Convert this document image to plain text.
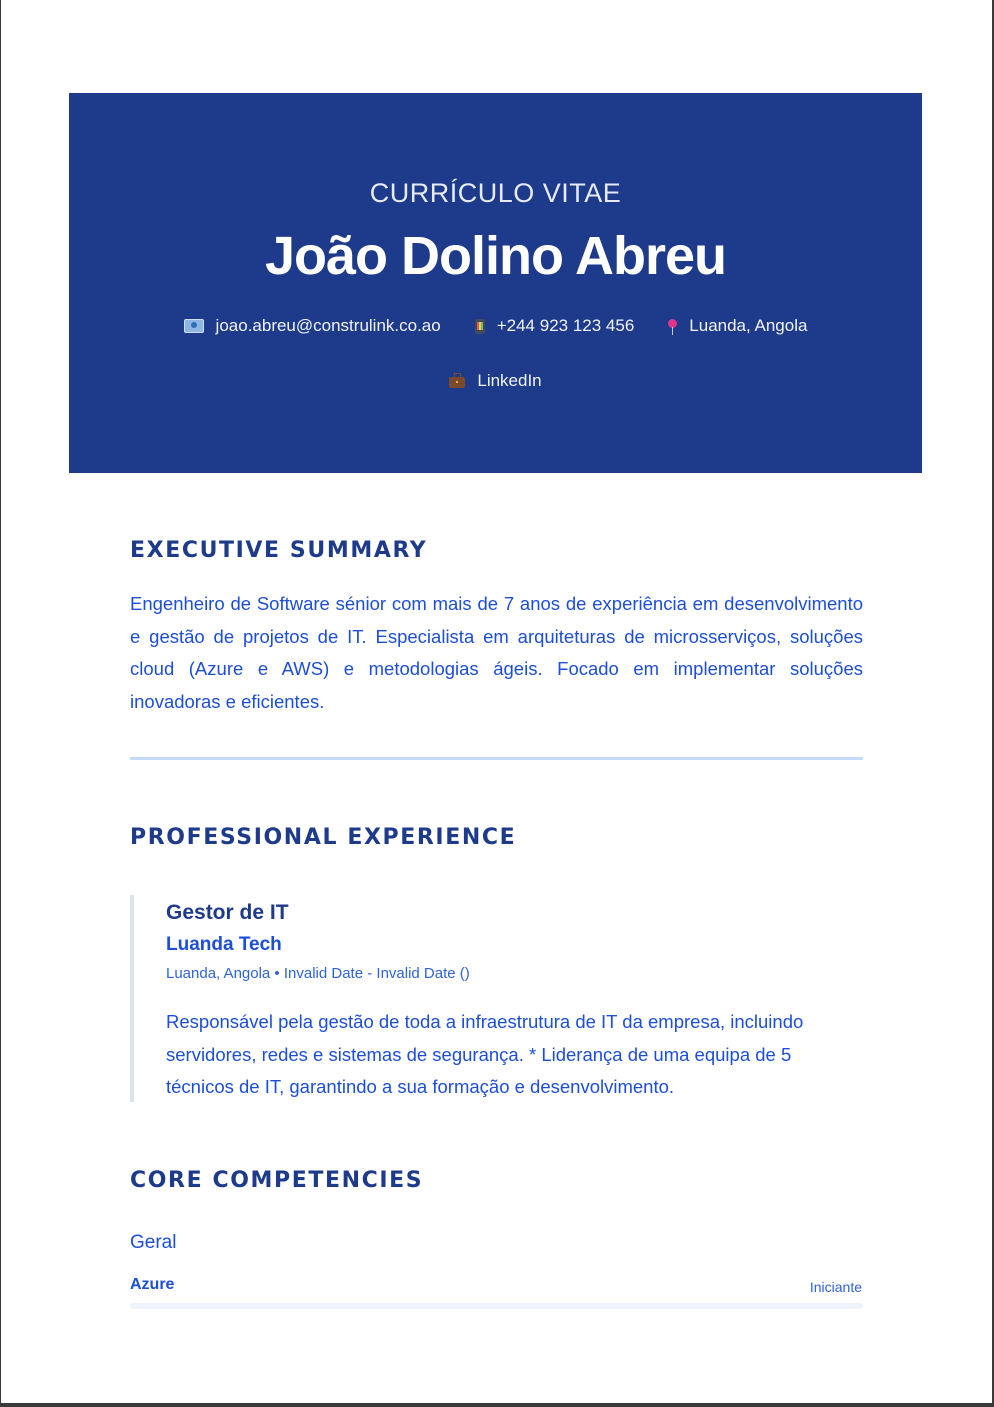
CURRÍCULO VITAE
João Dolino Abreu
joao.abreu@construlink.co.ao	+244 923 123 456	Luanda, Angola
LinkedIn
EXECUTIVE SUMMARY
Engenheiro de Software sénior com mais de 7 anos de experiência em desenvolvimento e gestão de projetos de IT. Especialista em arquiteturas de microsserviços, soluções cloud (Azure e AWS) e metodologias ágeis. Focado em implementar soluções inovadoras e eficientes.
PROFESSIONAL EXPERIENCE
Gestor de IT
Luanda Tech
Luanda, Angola • Invalid Date - Invalid Date ()
Responsável pela gestão de toda a infraestrutura de IT da empresa, incluindo servidores, redes e sistemas de segurança. * Liderança de uma equipa de 5 técnicos de IT, garantindo a sua formação e desenvolvimento.
CORE COMPETENCIES
Geral
Azure	Iniciante
